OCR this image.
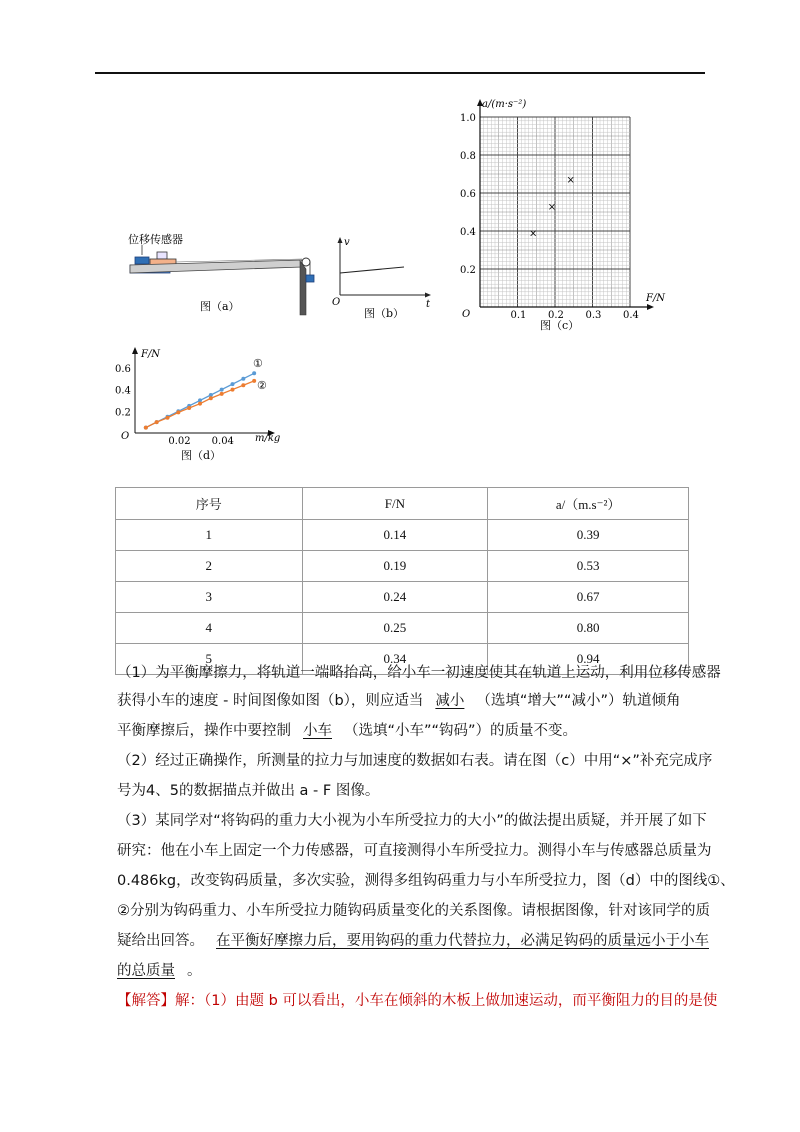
位移传感器
图（a）
v
t
O
图（b）	0.1 0.2 0.3 0.4
0.2
0.4
0.6
0.8
1.0
×
×
×
a/(m·s⁻²)
F/N
O
图（c）
0.02 0.04
0.2
0.4
0.6
F/N
m/kg
O
①
②
图（d）
序号	F/N	a/（m.s⁻²）
1	0.14	0.39
2	0.19	0.53
3	0.24	0.67
4	0.25	0.80
5	0.34	0.94
（1）为平衡摩擦力，将轨道一端略抬高，给小车一初速度使其在轨道上运动，利用位移传感器
获得小车的速度 - 时间图像如图（b），则应适当 减小 （选填“增大”“减小”）轨道倾角
平衡摩擦后，操作中要控制 小车 （选填“小车”“钩码”）的质量不变。
（2）经过正确操作，所测量的拉力与加速度的数据如右表。请在图（c）中用“×”补充完成序
号为4、5的数据描点并做出 a - F 图像。
（3）某同学对“将钩码的重力大小视为小车所受拉力的大小”的做法提出质疑，并开展了如下
研究：他在小车上固定一个力传感器，可直接测得小车所受拉力。测得小车与传感器总质量为
0.486kg，改变钩码质量，多次实验，测得多组钩码重力与小车所受拉力，图（d）中的图线①、
②分别为钩码重力、小车所受拉力随钩码质量变化的关系图像。请根据图像，针对该同学的质
疑给出回答。 在平衡好摩擦力后，要用钩码的重力代替拉力，必满足钩码的质量远小于小车
的总质量 。
【解答】解：（1）由题 b 可以看出，小车在倾斜的木板上做加速运动，而平衡阻力的目的是使
